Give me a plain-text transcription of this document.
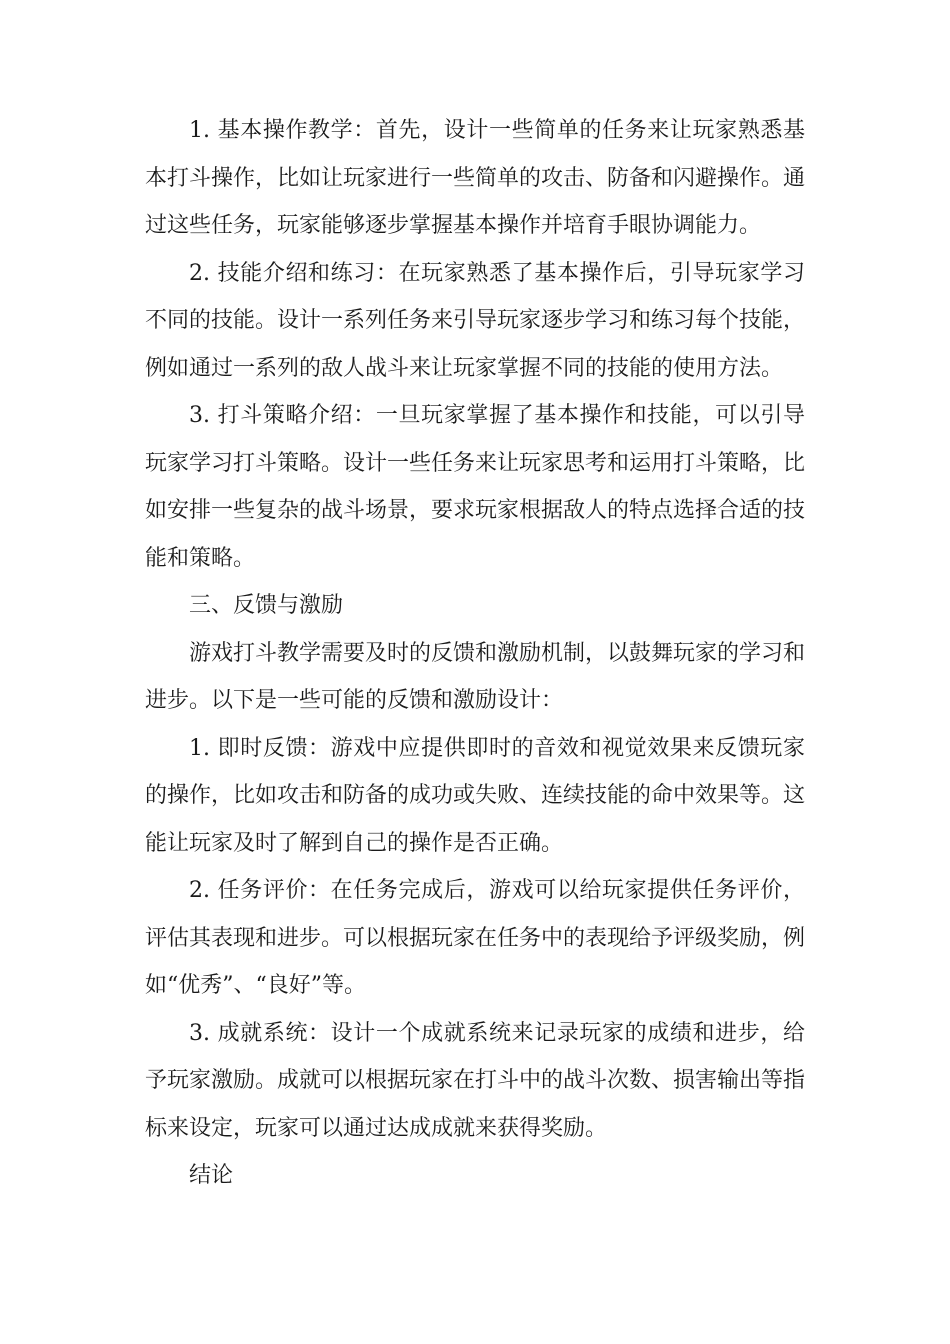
1. 基本操作教学：首先，设计一些简单的任务来让玩家熟悉基本打斗操作，比如让玩家进行一些简单的攻击、防备和闪避操作。通过这些任务，玩家能够逐步掌握基本操作并培育手眼协调能力。

2. 技能介绍和练习：在玩家熟悉了基本操作后，引导玩家学习不同的技能。设计一系列任务来引导玩家逐步学习和练习每个技能，例如通过一系列的敌人战斗来让玩家掌握不同的技能的使用方法。

3. 打斗策略介绍：一旦玩家掌握了基本操作和技能，可以引导玩家学习打斗策略。设计一些任务来让玩家思考和运用打斗策略，比如安排一些复杂的战斗场景，要求玩家根据敌人的特点选择合适的技能和策略。

三、反馈与激励

游戏打斗教学需要及时的反馈和激励机制，以鼓舞玩家的学习和进步。以下是一些可能的反馈和激励设计：

1. 即时反馈：游戏中应提供即时的音效和视觉效果来反馈玩家的操作，比如攻击和防备的成功或失败、连续技能的命中效果等。这能让玩家及时了解到自己的操作是否正确。

2. 任务评价：在任务完成后，游戏可以给玩家提供任务评价，评估其表现和进步。可以根据玩家在任务中的表现给予评级奖励，例如“优秀”、“良好”等。

3. 成就系统：设计一个成就系统来记录玩家的成绩和进步，给予玩家激励。成就可以根据玩家在打斗中的战斗次数、损害输出等指标来设定，玩家可以通过达成成就来获得奖励。

结论
